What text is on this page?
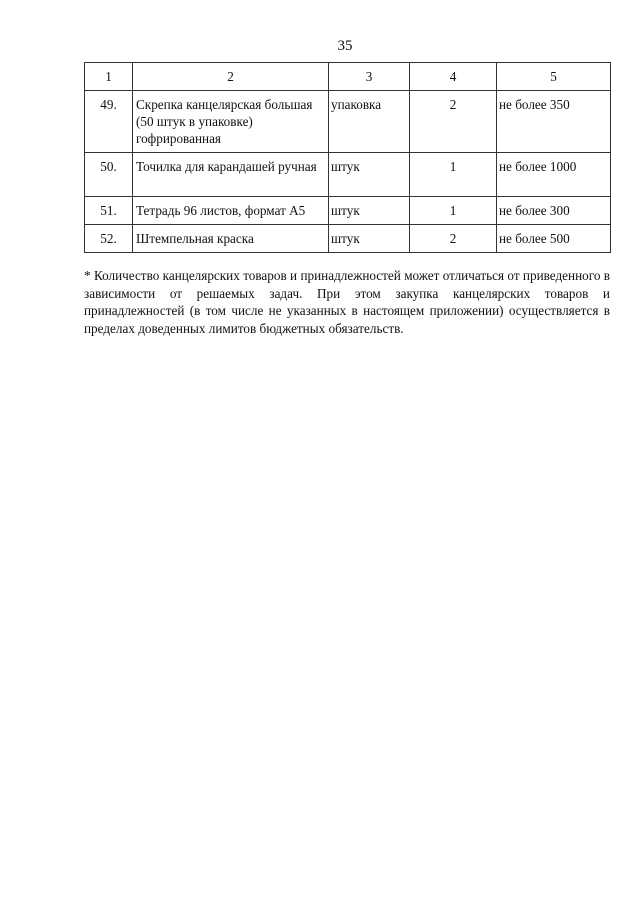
35
1	2	3	4	5
49.	Скрепка канцелярская большая (50 штук в упаковке) гофрированная	упаковка	2	не более 350
50.	Точилка для карандашей ручная	штук	1	не более 1000
51.	Тетрадь 96 листов, формат А5	штук	1	не более 300
52.	Штемпельная краска	штук	2	не более 500
* Количество канцелярских товаров и принадлежностей может отличаться от приведенного в зависимости от решаемых задач. При этом закупка канцелярских товаров и принадлежностей (в том числе не указанных в настоящем приложении) осуществляется в пределах доведенных лимитов бюджетных обязательств.
